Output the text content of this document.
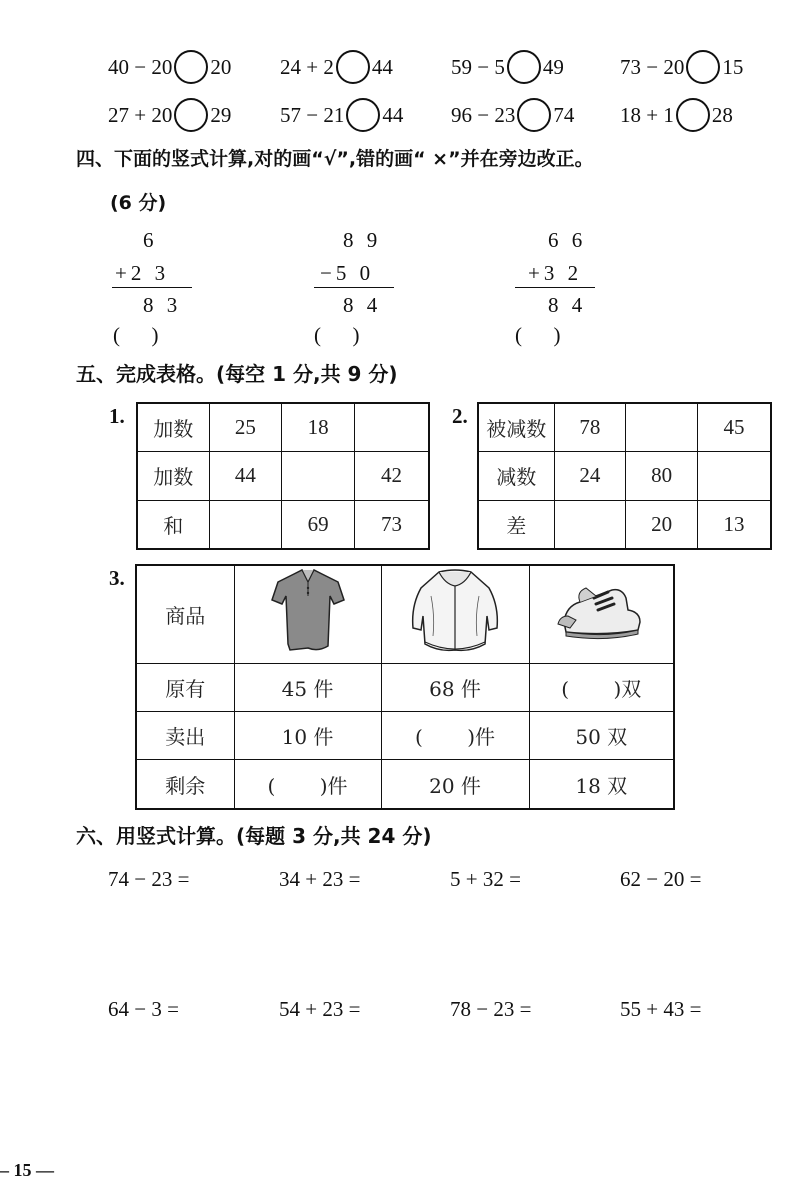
40 − 20 20 24 + 2 44	59 − 5 49	73 − 20 15
27 + 20 29 57 − 21 44 96 − 23 74 18 + 1 28
四、下面的竖式计算,对的画“√”,错的画“ ×”并在旁边改正。
(6 分)
6
+2 3
8 3
(      )
8 9
−5 0
8 4
(      )
6 6
+3 2
8 4
(      )
五、完成表格。(每空 1 分,共 9 分)
1.
加数	25	18	
加数	44		42
和		69	73
2.
被减数	78		45
减数	24	80	
差		20	13
3.
商品			
原有	45 件	68 件	(       )双
卖出	10 件	(       )件	50 双
剩余	(       )件	20 件	18 双
六、用竖式计算。(每题 3 分,共 24 分)
74 − 23 =	34 + 23 =	5 + 32 =	62 − 20 =
64 − 3 =	54 + 23 =	78 − 23 =	55 + 43 =
– 15 —
